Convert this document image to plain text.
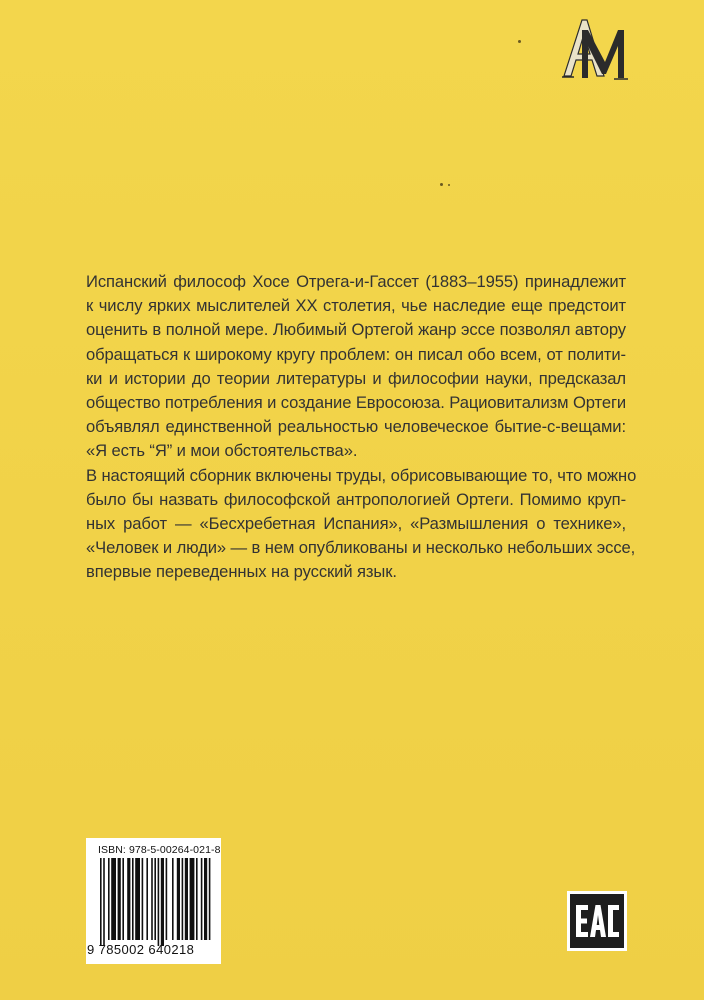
Испанский философ Хосе Отрега-и-Гассет (1883–1955) принадлежит
к числу ярких мыслителей XX столетия, чье наследие еще предстоит
оценить в полной мере. Любимый Ортегой жанр эссе позволял автору
обращаться к широкому кругу проблем: он писал обо всем, от полити-
ки и истории до теории литературы и философии науки, предсказал
общество потребления и создание Евросоюза. Рациовитализм Ортеги
объявлял единственной реальностью человеческое бытие-с-вещами:
«Я есть “Я” и мои обстоятельства».

В настоящий сборник включены труды, обрисовывающие то, что можно
было бы назвать философской антропологией Ортеги. Помимо круп-
ных работ — «Бесхребетная Испания», «Размышления о технике»,
«Человек и люди» — в нем опубликованы и несколько небольших эссе,
впервые переведенных на русский язык.

ISBN: 978-5-00264-021-8
9 785002 640218
